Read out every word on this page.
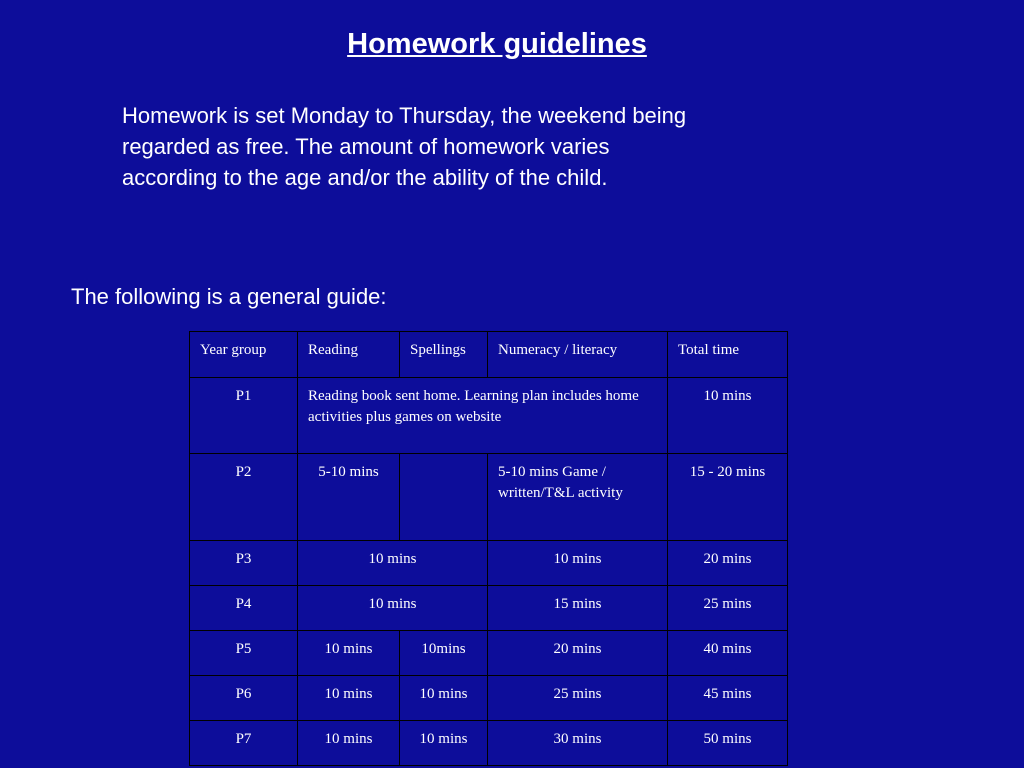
Homework guidelines
Homework is set Monday to Thursday, the weekend being regarded as free. The amount of homework varies according to the age and/or the ability of the child.
The following is a general guide:
Year group	Reading	Spellings	Numeracy / literacy	Total time
P1	Reading book sent home. Learning plan includes home activities plus games on website			10 mins
P2	5-10 mins		5-10 mins Game / written/T&L activity	15 - 20 mins
P3	10 mins		10 mins	20 mins
P4	10 mins		15 mins	25 mins
P5	10 mins	10mins	20 mins	40 mins
P6	10 mins	10 mins	25 mins	45 mins
P7	10 mins	10 mins	30 mins	50 mins
